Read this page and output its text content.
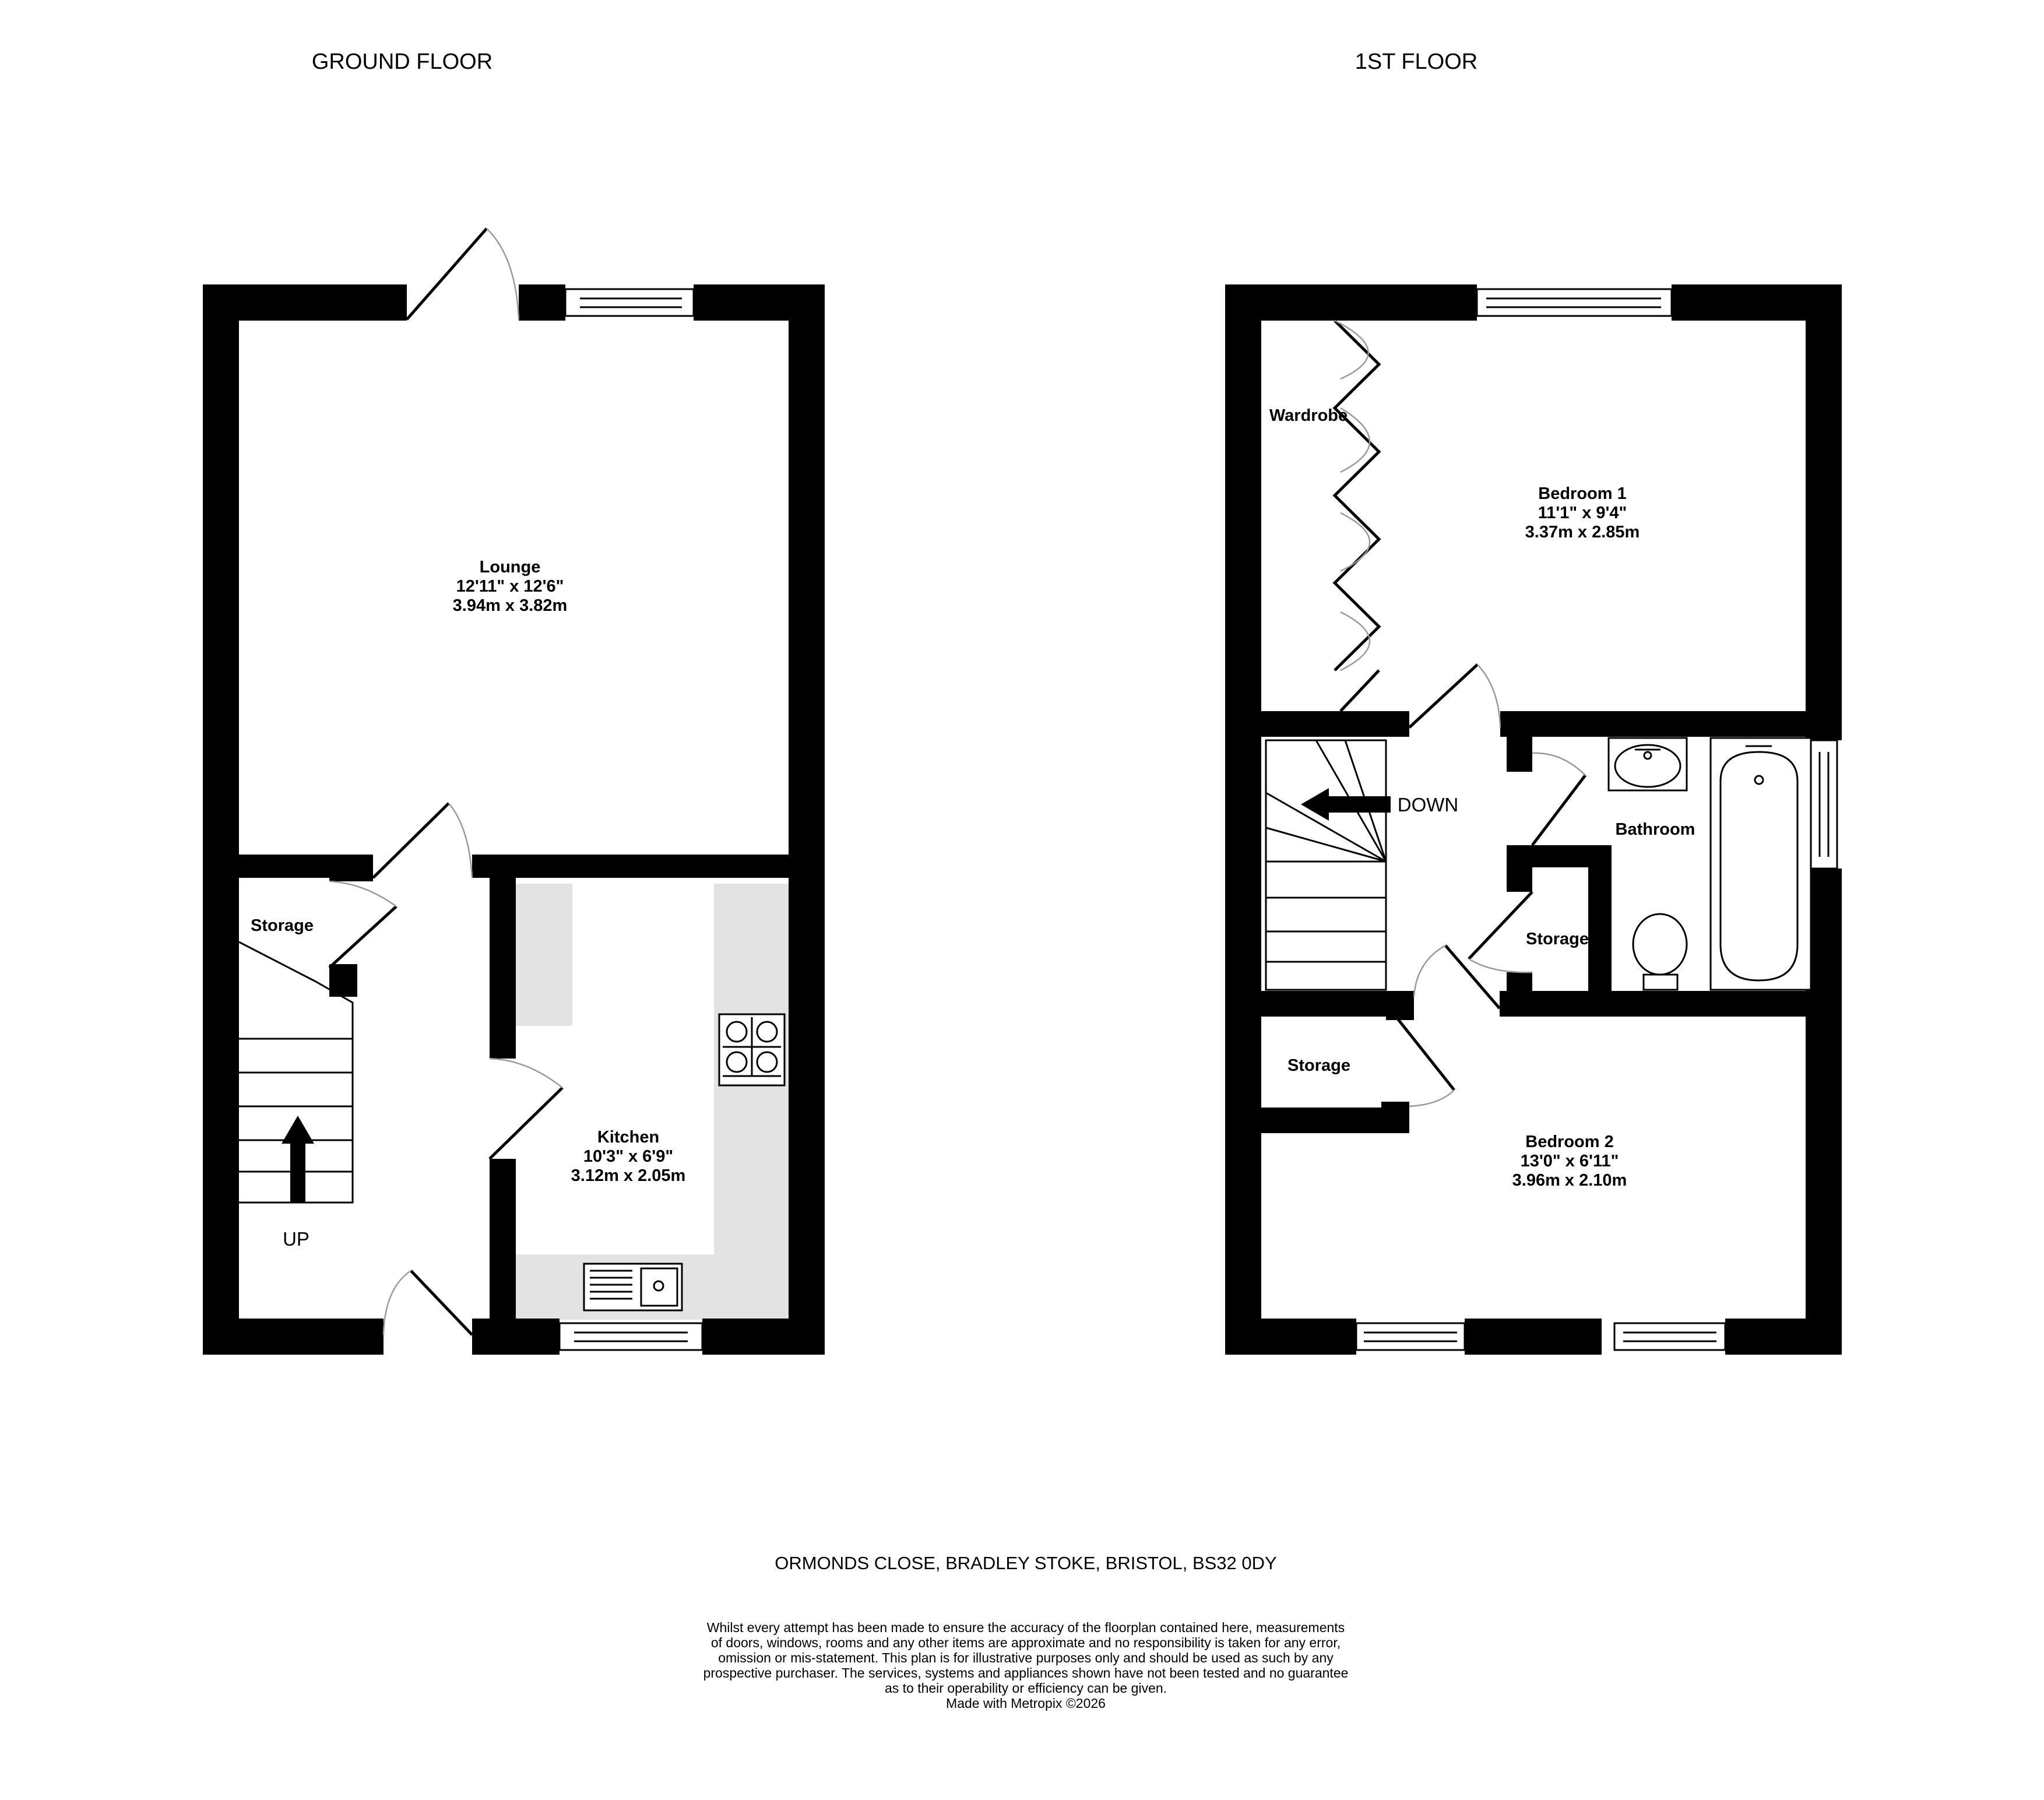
GROUND FLOOR	1ST FLOOR
Lounge
12'11" x 12'6"
3.94m x 3.82m
Kitchen
10'3" x 6'9"
3.12m x 2.05m
Storage
UP
Bedroom 1
11'1" x 9'4"
3.37m x 2.85m
Bedroom 2
13'0" x 6'11"
3.96m x 2.10m
Bathroom
Wardrobe
Storage
Storage
DOWN
ORMONDS CLOSE, BRADLEY STOKE, BRISTOL, BS32 0DY
Whilst every attempt has been made to ensure the accuracy of the floorplan contained here, measurements
of doors, windows, rooms and any other items are approximate and no responsibility is taken for any error,
omission or mis-statement. This plan is for illustrative purposes only and should be used as such by any
prospective purchaser. The services, systems and appliances shown have not been tested and no guarantee
as to their operability or efficiency can be given.
Made with Metropix ©2026
